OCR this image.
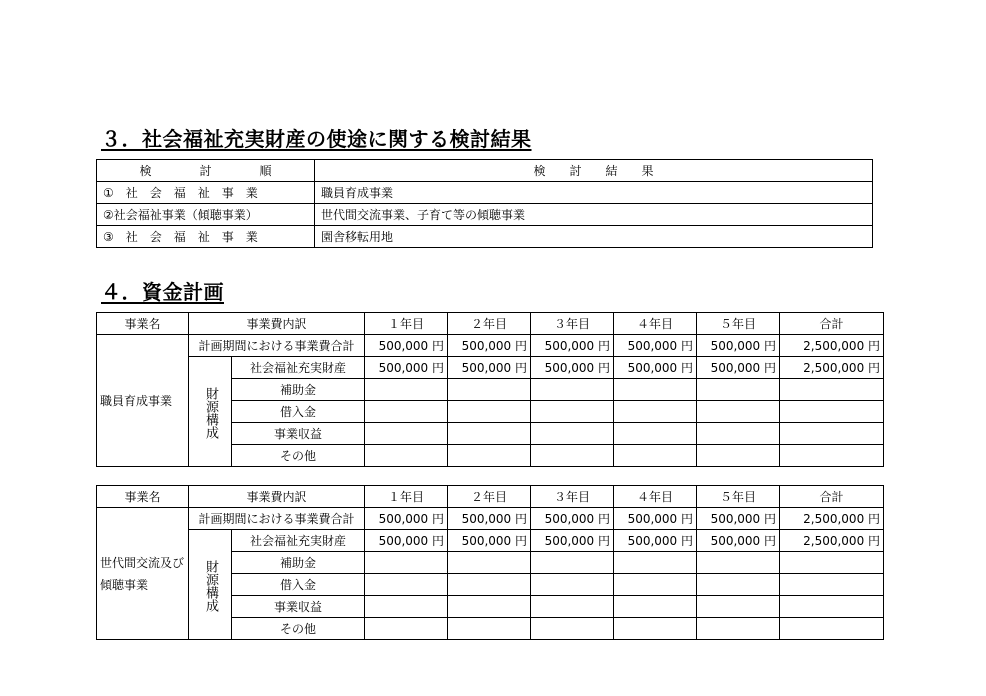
３．社会福祉充実財産の使途に関する検討結果
検　　　　討　　　　順	検　　討　　結　　果
①　社　会　福　祉　事　業	職員育成事業
②社会福祉事業（傾聴事業）	世代間交流事業、子育て等の傾聴事業
③　社　会　福　祉　事　業	園舎移転用地
４．資金計画
事業名	事業費内訳		１年目	２年目	３年目	４年目	５年目	合計
職員育成事業	計画期間における事業費合計		500,000 円	500,000 円	500,000 円	500,000 円	500,000 円	2,500,000 円
	財源構成	社会福祉充実財産	500,000 円	500,000 円	500,000 円	500,000 円	500,000 円	2,500,000 円
		補助金						
		借入金						
		事業収益						
		その他						
事業名	事業費内訳		１年目	２年目	３年目	４年目	５年目	合計
世代間交流及び傾聴事業	計画期間における事業費合計		500,000 円	500,000 円	500,000 円	500,000 円	500,000 円	2,500,000 円
	財源構成	社会福祉充実財産	500,000 円	500,000 円	500,000 円	500,000 円	500,000 円	2,500,000 円
		補助金						
		借入金						
		事業収益						
		その他						
